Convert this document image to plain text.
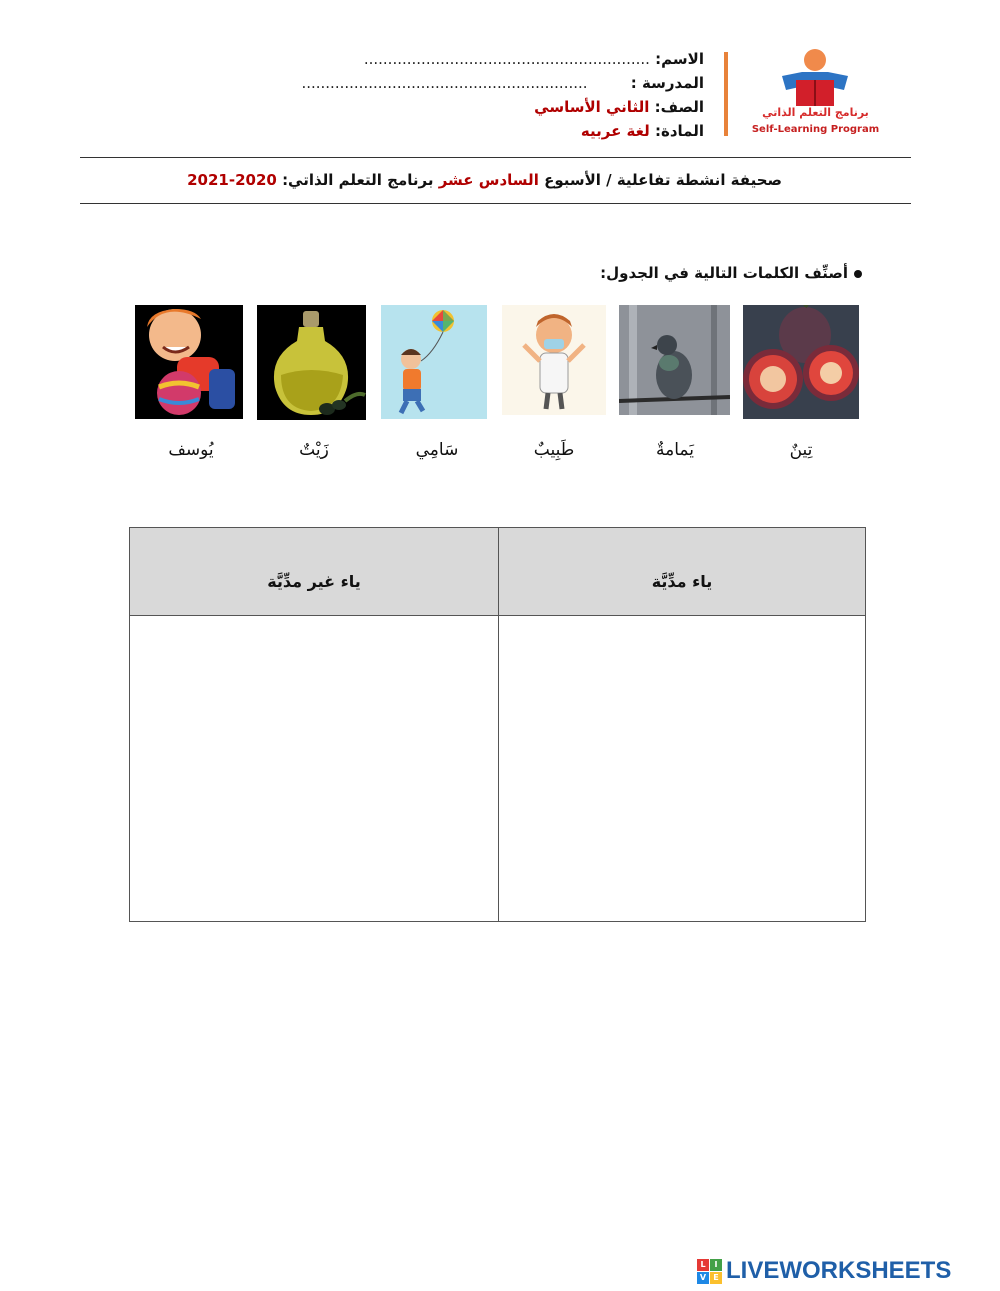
الاسم: ............................................................
المدرسة : ............................................................
الصف: الثاني الأساسي
المادة: لغة عربيه
برنامج التعلم الذاتي
Self-Learning Program
صحيفة انشطة تفاعلية / الأسبوع السادس عشر برنامج التعلم الذاتي: 2020-2021
أصنِّف الكلمات التالية في الجدول:
تِينٌ
يَمامةٌ
طَبِيبٌ
سَامِي
زَيْتٌ
يُوسف
ياء غير مدِّيَّة	ياء مدِّيَّة
L	I
V E LIVEWORKSHEETS
